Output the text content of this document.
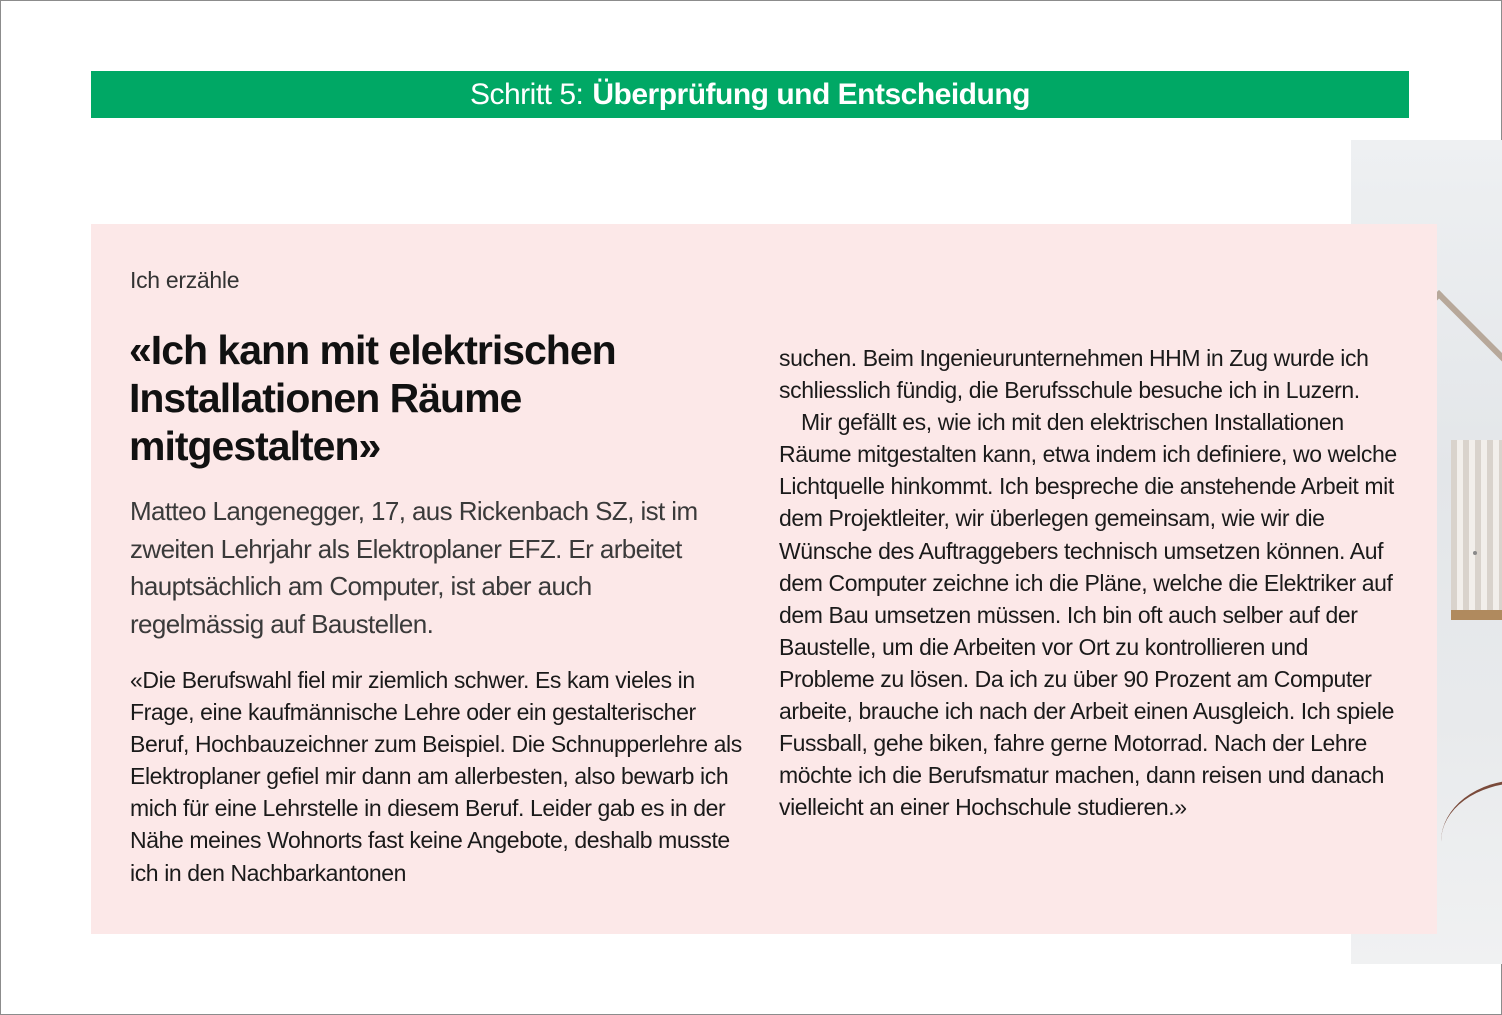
Schritt 5: Überprüfung und Entscheidung
Ich erzähle
«Ich kann mit elektrischen Installationen Räume mitgestalten»

Matteo Langenegger, 17, aus Rickenbach SZ, ist im zweiten Lehrjahr als Elektroplaner EFZ. Er arbeitet hauptsächlich am Computer, ist aber auch regelmässig auf Baustellen.

«Die Berufswahl fiel mir ziemlich schwer. Es kam vieles in Frage, eine kaufmännische Lehre oder ein gestalterischer Beruf, Hochbauzeichner zum Beispiel. Die Schnupperlehre als Elektroplaner gefiel mir dann am allerbesten, also bewarb ich mich für eine Lehrstelle in diesem Beruf. Leider gab es in der Nähe meines Wohnorts fast keine Angebote, deshalb musste ich in den Nachbarkantonen

suchen. Beim Ingenieurunternehmen HHM in Zug wurde ich schliesslich fündig, die Berufsschule besuche ich in Luzern.

Mir gefällt es, wie ich mit den elektrischen Installationen Räume mitgestalten kann, etwa indem ich definiere, wo welche Lichtquelle hinkommt. Ich bespreche die anstehende Arbeit mit dem Projektleiter, wir überlegen gemeinsam, wie wir die Wünsche des Auftraggebers technisch umsetzen können. Auf dem Computer zeichne ich die Pläne, welche die Elektriker auf dem Bau umsetzen müssen. Ich bin oft auch selber auf der Baustelle, um die Arbeiten vor Ort zu kontrollieren und Probleme zu lösen. Da ich zu über 90 Prozent am Computer arbeite, brauche ich nach der Arbeit einen Ausgleich. Ich spiele Fussball, gehe biken, fahre gerne Motorrad. Nach der Lehre möchte ich die Berufsmatur machen, dann reisen und danach vielleicht an einer Hochschule studieren.»
